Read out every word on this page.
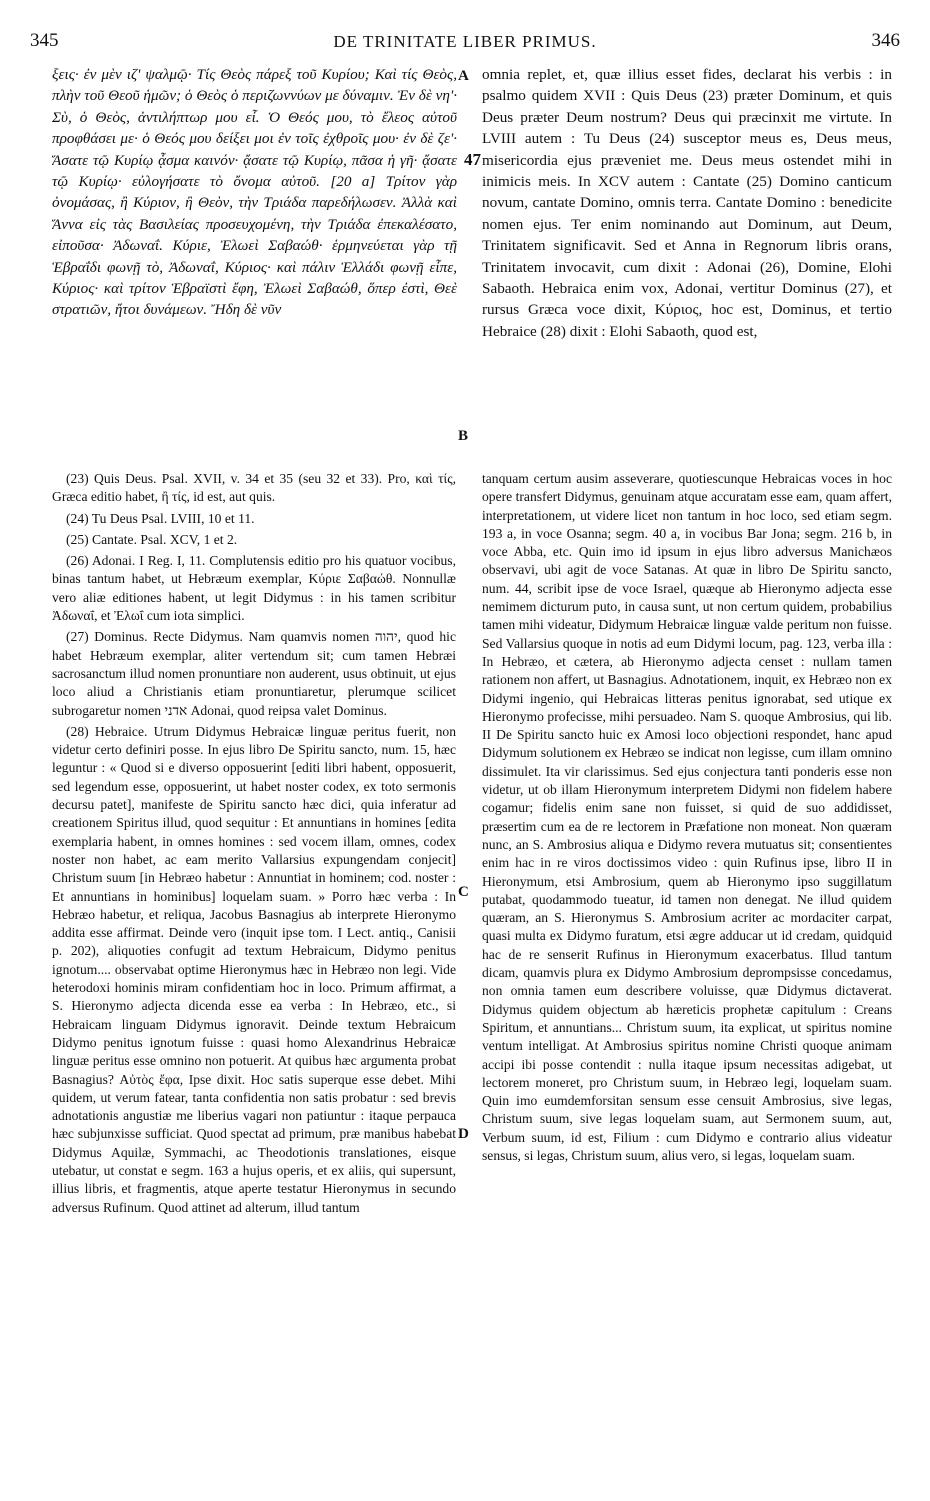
345	DE TRINITATE LIBER PRIMUS.	346

ξεις· ἐν μὲν ιζ' ψαλμῷ· Τίς Θεὸς πάρεξ τοῦ Κυρίου; Καὶ τίς Θεὸς, πλὴν τοῦ Θεοῦ ἡμῶν; ὁ Θεὸς ὁ περιζωννύων με δύναμιν. Ἐν δὲ νη'· Σὺ, ὁ Θεὸς, ἀντιλήπτωρ μου εἶ. Ὁ Θεός μου, τὸ ἔλεος αὐτοῦ προφθάσει με· ὁ Θεός μου δείξει μοι ἐν τοῖς ἐχθροῖς μου· ἐν δὲ ζε'· Ἄσατε τῷ Κυρίῳ ᾆσμα καινόν· ᾄσατε τῷ Κυρίῳ, πᾶσα ἡ γῆ· ᾄσατε τῷ Κυρίῳ· εὐλογήσατε τὸ ὄνομα αὐτοῦ. [20 a] Τρίτον γὰρ ὀνομάσας, ἢ Κύριον, ἢ Θεὸν, τὴν Τριάδα παρεδήλωσεν. Ἀλλὰ καὶ Ἄννα εἰς τὰς Βασιλείας προσευχομένη, τὴν Τριάδα ἐπεκαλέσατο, εἰποῦσα· Ἀδωναΐ. Κύριε, Ἐλωεὶ Σαβαώθ· ἑρμηνεύεται γὰρ τῇ Ἑβραΐδι φωνῇ τὸ, Ἀδωναΐ, Κύριος· καὶ πάλιν Ἑλλάδι φωνῇ εἶπε, Κύριος· καὶ τρίτον Ἑβραϊστὶ ἔφη, Ἐλωεὶ Σαβαώθ, ὅπερ ἐστὶ, Θεὲ στρατιῶν, ἤτοι δυνάμεων. Ἤδη δὲ νῦν

omnia replet, et, quæ illius esset fides, declarat his verbis : in psalmo quidem XVII : Quis Deus (23) præter Dominum, et quis Deus præter Deum nostrum? Deus qui præcinxit me virtute. In LVIII autem : Tu Deus (24) susceptor meus es, Deus meus, misericordia ejus præveniet me. Deus meus ostendet mihi in inimicis meis. In XCV autem : Cantate (25) Domino canticum novum, cantate Domino, omnis terra. Cantate Domino : benedicite nomen ejus. Ter enim nominando aut Dominum, aut Deum, Trinitatem significavit. Sed et Anna in Regnorum libris orans, Trinitatem invocavit, cum dixit : Adonai (26), Domine, Elohi Sabaoth. Hebraica enim vox, Adonai, vertitur Dominus (27), et rursus Græca voce dixit, Κύριος, hoc est, Dominus, et tertio Hebraice (28) dixit : Elohi Sabaoth, quod est,

A
47
B
C
D

(23) Quis Deus. Psal. XVII, v. 34 et 35 (seu 32 et 33). Pro, καὶ τίς, Græca editio habet, ἢ τίς, id est, aut quis.

(24) Tu Deus Psal. LVIII, 10 et 11.

(25) Cantate. Psal. XCV, 1 et 2.

(26) Adonai. I Reg. I, 11. Complutensis editio pro his quatuor vocibus, binas tantum habet, ut Hebræum exemplar, Κύριε Σαβαώθ. Nonnullæ vero aliæ editiones habent, ut legit Didymus : in his tamen scribitur Ἀδωναΐ, et Ἐλωΐ cum iota simplici.

(27) Dominus. Recte Didymus. Nam quamvis nomen יהוה, quod hic habet Hebræum exemplar, aliter vertendum sit; cum tamen Hebræi sacrosanctum illud nomen pronuntiare non auderent, usus obtinuit, ut ejus loco aliud a Christianis etiam pronuntiaretur, plerumque scilicet subrogaretur nomen אדני Adonai, quod reipsa valet Dominus.

(28) Hebraice. Utrum Didymus Hebraicæ linguæ peritus fuerit, non videtur certo definiri posse. In ejus libro De Spiritu sancto, num. 15, hæc leguntur : « Quod si e diverso opposuerint [editi libri habent, opposuerit, sed legendum esse, opposuerint, ut habet noster codex, ex toto sermonis decursu patet], manifeste de Spiritu sancto hæc dici, quia inferatur ad creationem Spiritus illud, quod sequitur : Et annuntians in homines [edita exemplaria habent, in omnes homines : sed vocem illam, omnes, codex noster non habet, ac eam merito Vallarsius expungendam conjecit] Christum suum [in Hebræo habetur : Annuntiat in hominem; cod. noster : Et annuntians in hominibus] loquelam suam. » Porro hæc verba : In Hebræo habetur, et reliqua, Jacobus Basnagius ab interprete Hieronymo addita esse affirmat. Deinde vero (inquit ipse tom. I Lect. antiq., Canisii p. 202), aliquoties confugit ad textum Hebraicum, Didymo penitus ignotum.... observabat optime Hieronymus hæc in Hebræo non legi. Vide heterodoxi hominis miram confidentiam hoc in loco. Primum affirmat, a S. Hieronymo adjecta dicenda esse ea verba : In Hebræo, etc., si Hebraicam linguam Didymus ignoravit. Deinde textum Hebraicum Didymo penitus ignotum fuisse : quasi homo Alexandrinus Hebraicæ linguæ peritus esse omnino non potuerit. At quibus hæc argumenta probat Basnagius? Αὐτὸς ἔφα, Ipse dixit. Hoc satis superque esse debet. Mihi quidem, ut verum fatear, tanta confidentia non satis probatur : sed brevis adnotationis angustiæ me liberius vagari non patiuntur : itaque perpauca hæc subjunxisse sufficiat. Quod spectat ad primum, præ manibus habebat Didymus Aquilæ, Symmachi, ac Theodotionis translationes, eisque utebatur, ut constat e segm. 163 a hujus operis, et ex aliis, qui supersunt, illius libris, et fragmentis, atque aperte testatur Hieronymus in secundo adversus Rufinum. Quod attinet ad alterum, illud tantum

tanquam certum ausim asseverare, quotiescunque Hebraicas voces in hoc opere transfert Didymus, genuinam atque accuratam esse eam, quam affert, interpretationem, ut videre licet non tantum in hoc loco, sed etiam segm. 193 a, in voce Osanna; segm. 40 a, in vocibus Bar Jona; segm. 216 b, in voce Abba, etc. Quin imo id ipsum in ejus libro adversus Manichæos observavi, ubi agit de voce Satanas. At quæ in libro De Spiritu sancto, num. 44, scribit ipse de voce Israel, quæque ab Hieronymo adjecta esse nemimem dicturum puto, in causa sunt, ut non certum quidem, probabilius tamen mihi videatur, Didymum Hebraicæ linguæ valde peritum non fuisse. Sed Vallarsius quoque in notis ad eum Didymi locum, pag. 123, verba illa : In Hebræo, et cætera, ab Hieronymo adjecta censet : nullam tamen rationem non affert, ut Basnagius. Adnotationem, inquit, ex Hebræo non ex Didymi ingenio, qui Hebraicas litteras penitus ignorabat, sed utique ex Hieronymo profecisse, mihi persuadeo. Nam S. quoque Ambrosius, qui lib. II De Spiritu sancto huic ex Amosi loco objectioni respondet, hanc apud Didymum solutionem ex Hebræo se indicat non legisse, cum illam omnino dissimulet. Ita vir clarissimus. Sed ejus conjectura tanti ponderis esse non videtur, ut ob illam Hieronymum interpretem Didymi non fidelem habere cogamur; fidelis enim sane non fuisset, si quid de suo addidisset, præsertim cum ea de re lectorem in Præfatione non moneat. Non quæram nunc, an S. Ambrosius aliqua e Didymo revera mutuatus sit; consentientes enim hac in re viros doctissimos video : quin Rufinus ipse, libro II in Hieronymum, etsi Ambrosium, quem ab Hieronymo ipso suggillatum putabat, quodammodo tueatur, id tamen non denegat. Ne illud quidem quæram, an S. Hieronymus S. Ambrosium acriter ac mordaciter carpat, quasi multa ex Didymo furatum, etsi ægre adducar ut id credam, quidquid hac de re senserit Rufinus in Hieronymum exacerbatus. Illud tantum dicam, quamvis plura ex Didymo Ambrosium deprompsisse concedamus, non omnia tamen eum describere voluisse, quæ Didymus dictaverat. Didymus quidem objectum ab hæreticis prophetæ capitulum : Creans Spiritum, et annuntians... Christum suum, ita explicat, ut spiritus nomine ventum intelligat. At Ambrosius spiritus nomine Christi quoque animam accipi ibi posse contendit : nulla itaque ipsum necessitas adigebat, ut lectorem moneret, pro Christum suum, in Hebræo legi, loquelam suam. Quin imo eumdemforsitan sensum esse censuit Ambrosius, sive legas, Christum suum, sive legas loquelam suam, aut Sermonem suum, aut, Verbum suum, id est, Filium : cum Didymo e contrario alius videatur sensus, si legas, Christum suum, alius vero, si legas, loquelam suam.
